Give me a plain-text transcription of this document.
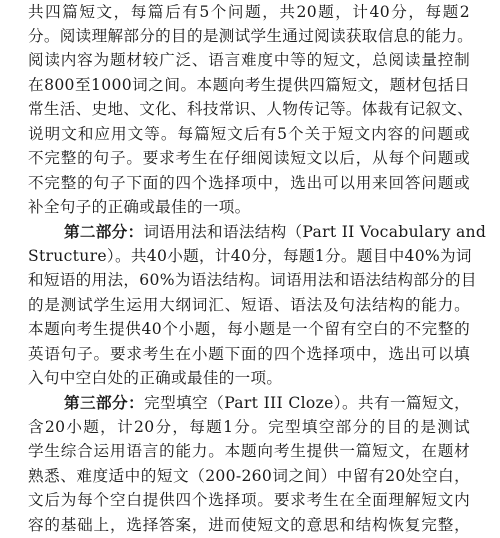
共四篇短文，每篇后有5个问题，共20题，计40分，每题2
分。阅读理解部分的目的是测试学生通过阅读获取信息的能力。
阅读内容为题材较广泛、语言难度中等的短文，总阅读量控制
在800至1000词之间。本题向考生提供四篇短文，题材包括日
常生活、史地、文化、科技常识、人物传记等。体裁有记叙文、
说明文和应用文等。每篇短文后有5个关于短文内容的问题或
不完整的句子。要求考生在仔细阅读短文以后，从每个问题或
不完整的句子下面的四个选择项中，选出可以用来回答问题或
补全句子的正确或最佳的一项。
第二部分：词语用法和语法结构（Part II Vocabulary and
Structure）。共40小题，计40分，每题1分。题目中40%为词
和短语的用法，60%为语法结构。词语用法和语法结构部分的目
的是测试学生运用大纲词汇、短语、语法及句法结构的能力。
本题向考生提供40个小题，每小题是一个留有空白的不完整的
英语句子。要求考生在小题下面的四个选择项中，选出可以填
入句中空白处的正确或最佳的一项。
第三部分：完型填空（Part III Cloze）。共有一篇短文，
含20小题，计20分，每题1分。完型填空部分的目的是测试
学生综合运用语言的能力。本题向考生提供一篇短文，在题材
熟悉、难度适中的短文（200-260词之间）中留有20处空白，
文后为每个空白提供四个选择项。要求考生在全面理解短文内
容的基础上，选择答案，进而使短文的意思和结构恢复完整，
